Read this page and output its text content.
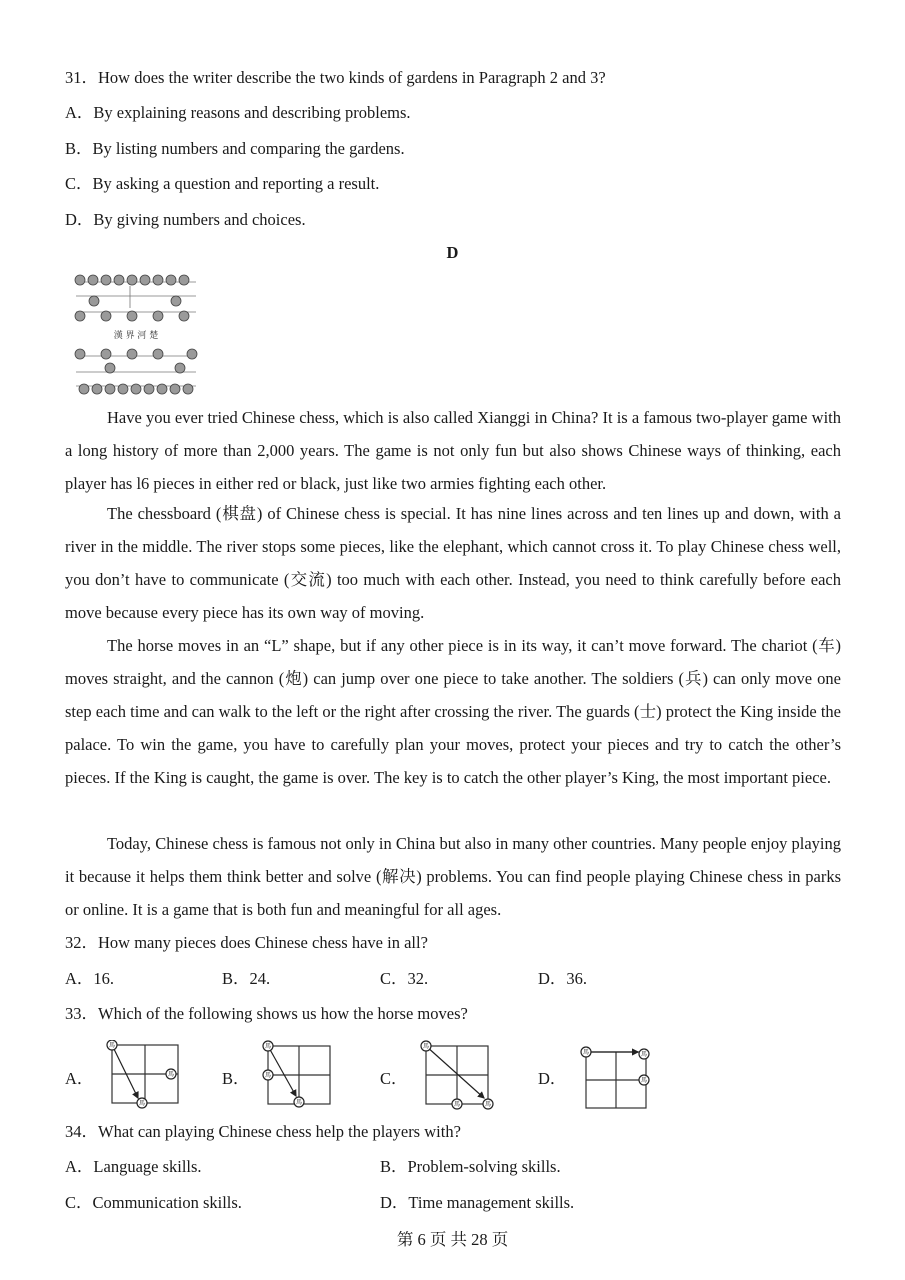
31．How does the writer describe the two kinds of gardens in Paragraph 2 and 3?
A．By explaining reasons and describing problems.
B．By listing numbers and comparing the gardens.
C．By asking a question and reporting a result.
D．By giving numbers and choices.
D
漢 界 河 楚
Have you ever tried Chinese chess, which is also called Xianggi in China? It is a famous two-player game with a long history of more than 2,000 years. The game is not only fun but also shows Chinese ways of thinking, each player has l6 pieces in either red or black, just like two armies fighting each other.
The chessboard (棋盘) of Chinese chess is special. It has nine lines across and ten lines up and down, with a river in the middle. The river stops some pieces, like the elephant, which cannot cross it. To play Chinese chess well, you don’t have to communicate (交流) too much with each other. Instead, you need to think carefully before each move because every piece has its own way of moving.
The horse moves in an “L” shape, but if any other piece is in its way, it can’t move forward. The chariot (车) moves straight, and the cannon (炮) can jump over one piece to take another. The soldiers (兵) can only move one step each time and can walk to the left or the right after crossing the river. The guards (士) protect the King inside the palace. To win the game, you have to carefully plan your moves, protect your pieces and try to catch the other’s pieces. If the King is caught, the game is over. The key is to catch the other player’s King, the most important piece.
Today, Chinese chess is famous not only in China but also in many other countries. Many people enjoy playing it because it helps them think better and solve (解决) problems. You can find people playing Chinese chess in parks or online. It is a game that is both fun and meaningful for all ages.
32．How many pieces does Chinese chess have in all?
A．16.	B．24.	C．32.	D．36.
33．Which of the following shows us how the horse moves?
A．
馬
馬
馬
B．
馬
馬
馬
C．
馬
馬	馬
D．
馬	馬
馬
34．What can playing Chinese chess help the players with?
A．Language skills.	B．Problem-solving skills.
C．Communication skills.	D．Time management skills.
第 6 页 共 28 页
